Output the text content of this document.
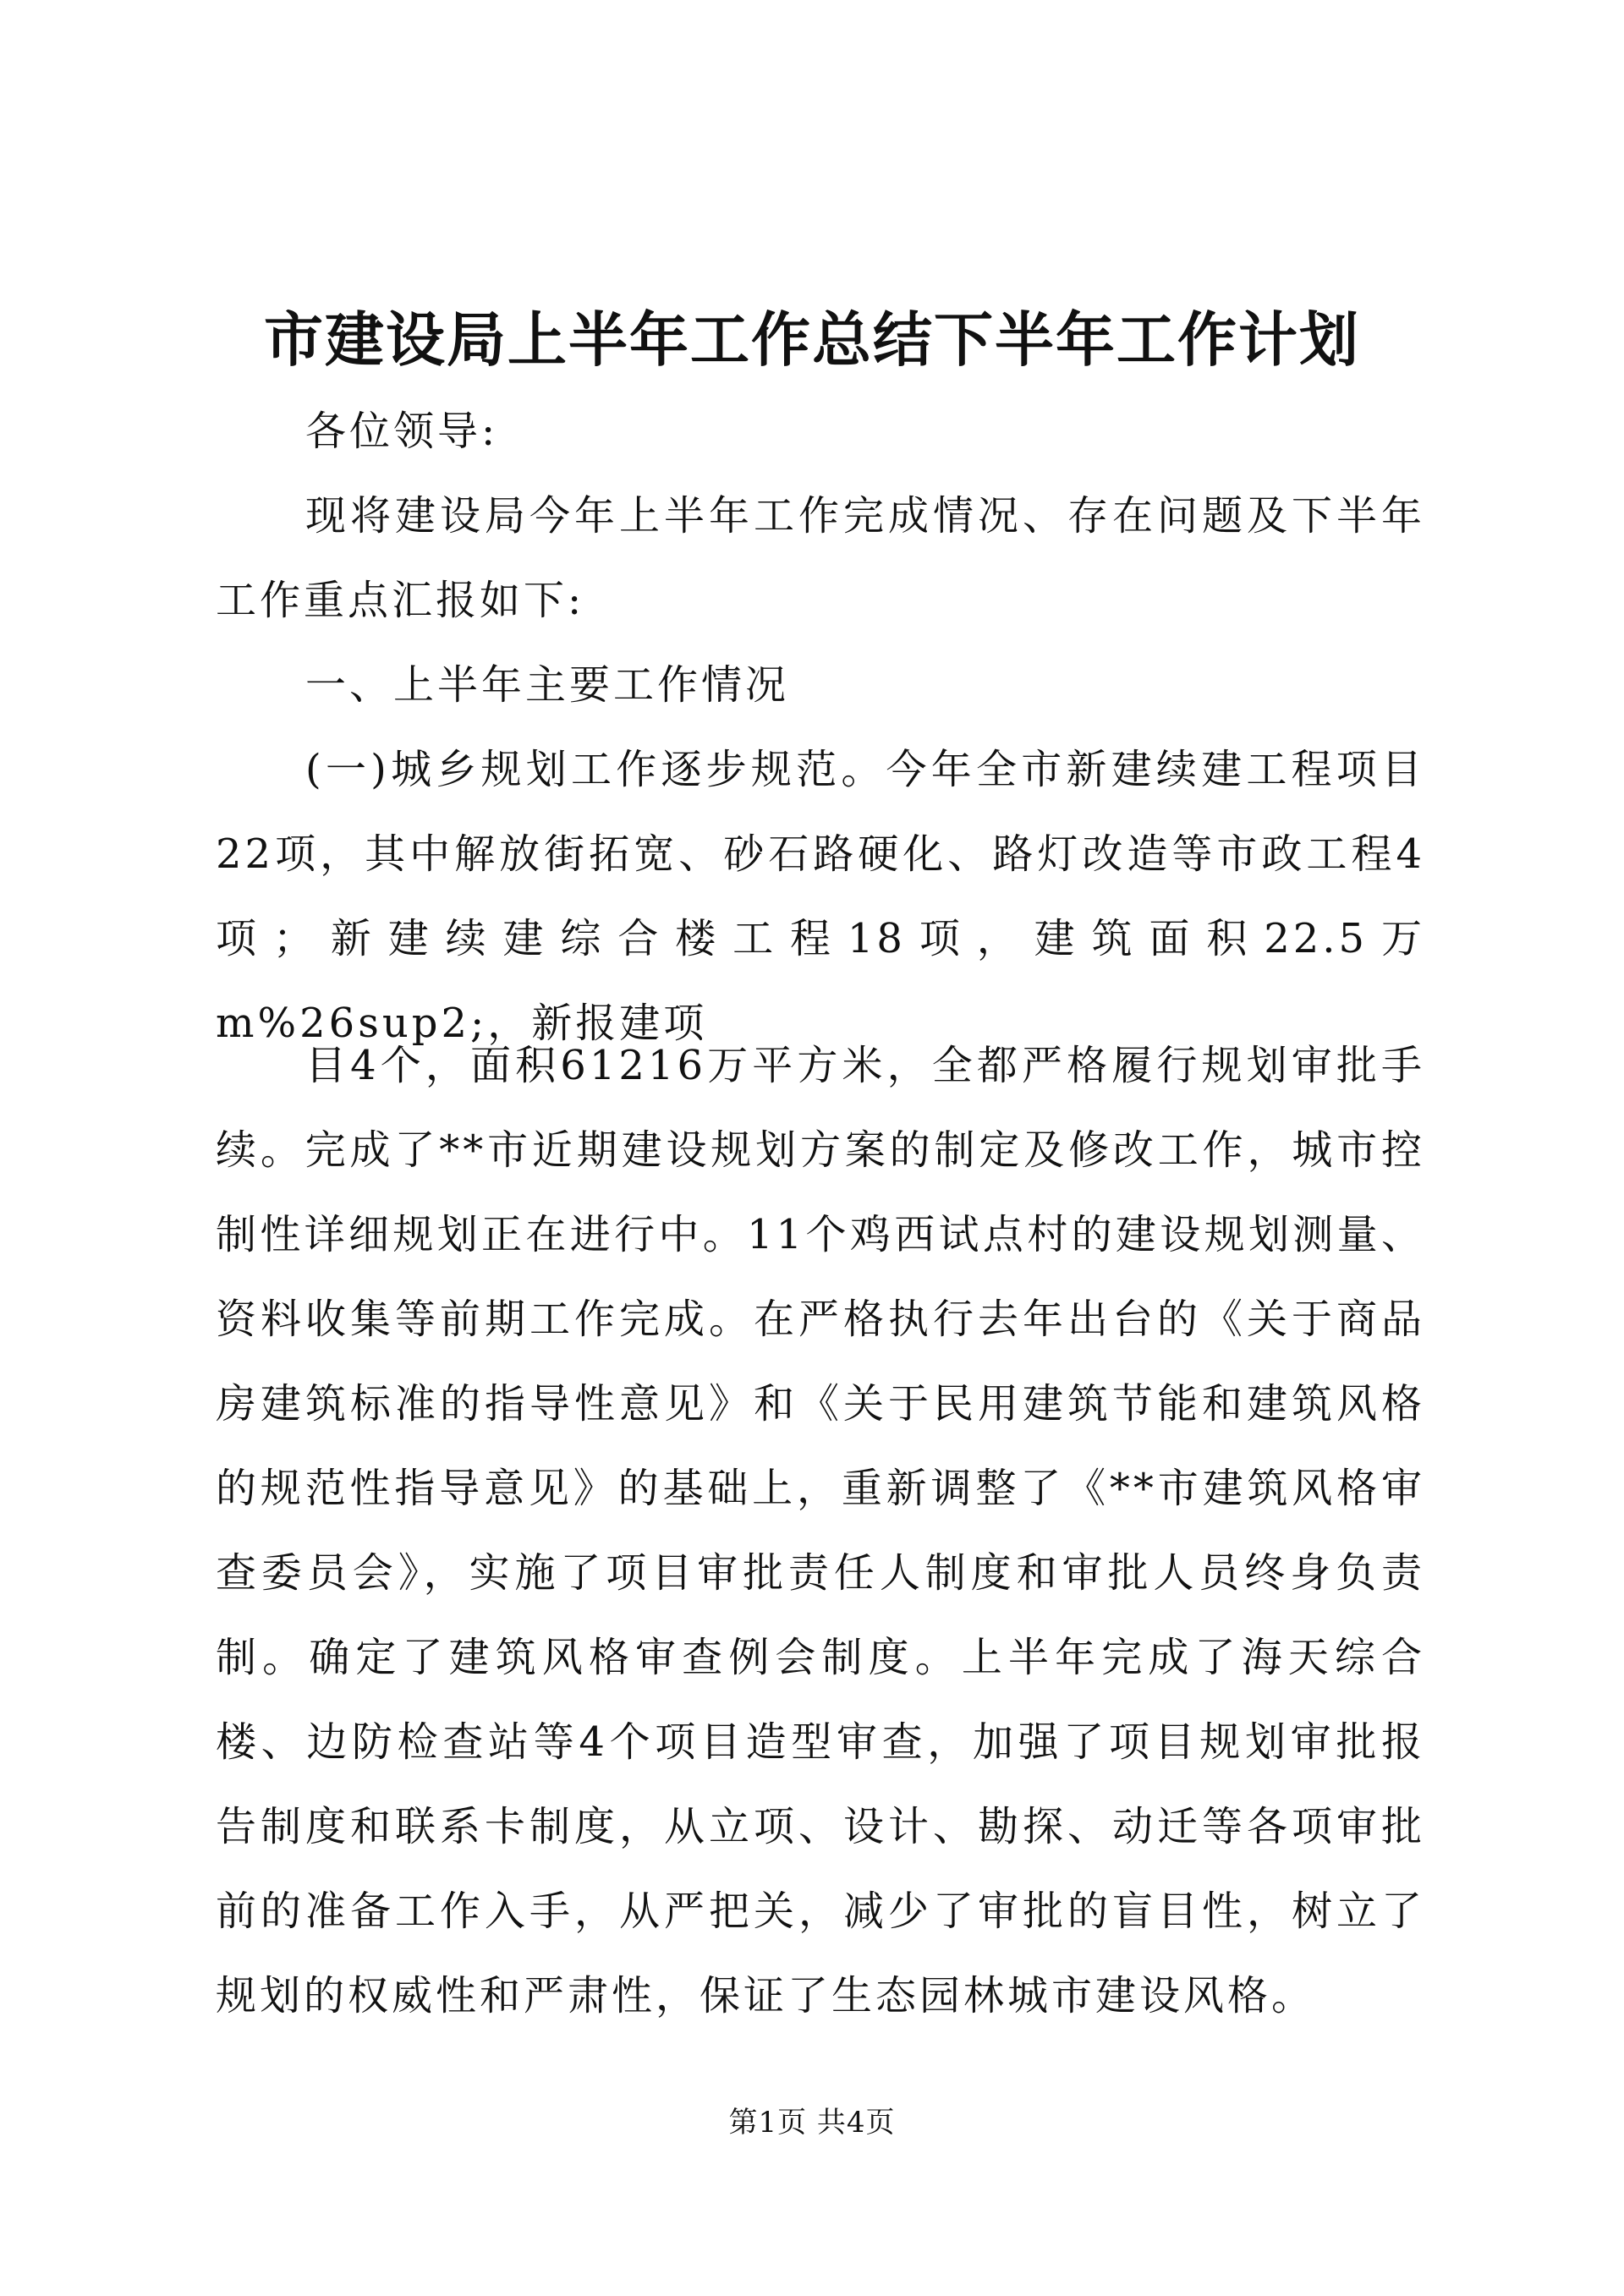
市建设局上半年工作总结下半年工作计划

各位领导:

现将建设局今年上半年工作完成情况、存在问题及下半年工作重点汇报如下:

一、上半年主要工作情况

(一)城乡规划工作逐步规范。今年全市新建续建工程项目22项，其中解放街拓宽、砂石路硬化、路灯改造等市政工程4项；新建续建综合楼工程18项，建筑面积22.5万m%26sup2;，新报建项

目4个，面积61216万平方米，全都严格履行规划审批手续。完成了**市近期建设规划方案的制定及修改工作，城市控制性详细规划正在进行中。11个鸡西试点村的建设规划测量、资料收集等前期工作完成。在严格执行去年出台的《关于商品房建筑标准的指导性意见》和《关于民用建筑节能和建筑风格的规范性指导意见》的基础上，重新调整了《**市建筑风格审查委员会》，实施了项目审批责任人制度和审批人员终身负责制。确定了建筑风格审查例会制度。上半年完成了海天综合楼、边防检查站等4个项目造型审查，加强了项目规划审批报告制度和联系卡制度，从立项、设计、勘探、动迁等各项审批前的准备工作入手，从严把关，减少了审批的盲目性，树立了规划的权威性和严肃性，保证了生态园林城市建设风格。

第1页 共4页
